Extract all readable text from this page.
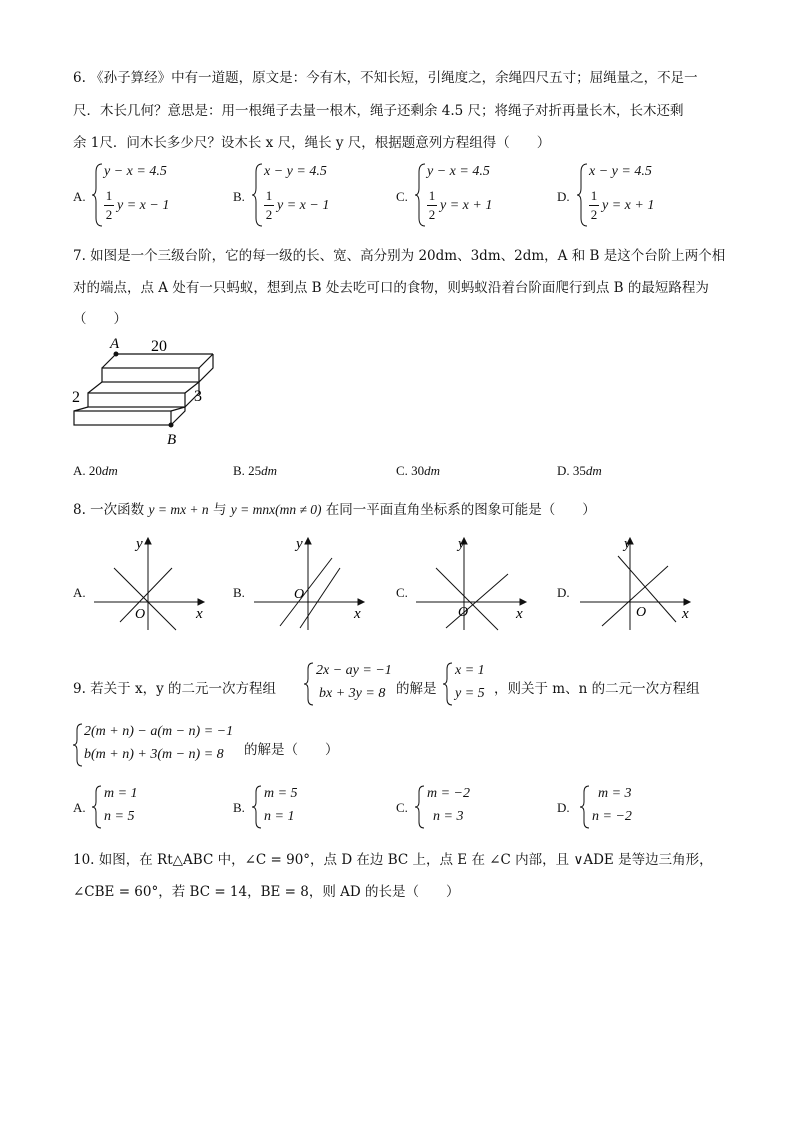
6. 《孙子算经》中有一道题，原文是：今有木，不知长短，引绳度之，余绳四尺五寸；屈绳量之，不足一
尺．木长几何？意思是：用一根绳子去量一根木，绳子还剩余 4.5 尺；将绳子对折再量长木，长木还剩
余 1尺．问木长多少尺？设木长 x 尺，绳长 y 尺，根据题意列方程组得（　　）
A.
y − x = 4.5
1
2
y = x − 1
B.
x − y = 4.5
1
2
y = x − 1
C.
y − x = 4.5
1
2
y = x + 1
D.
x − y = 4.5
1
2
y = x + 1
7. 如图是一个三级台阶，它的每一级的长、宽、高分别为 20dm、3dm、2dm，A 和 B 是这个台阶上两个相
对的端点，点 A 处有一只蚂蚁，想到点 B 处去吃可口的食物，则蚂蚁沿着台阶面爬行到点 B 的最短路程为
（　　）
A 20
2	3
B
A. 20dm	B. 25dm	C. 30dm	D. 35dm
8. 一次函数 y = mx + n 与 y = mnx(mn ≠ 0) 在同一平面直角坐标系的图象可能是（　　）
A.
x
y
O
B.
x
y
O	C.
x
y
O
D.
x
y
O
9. 若关于 x，y 的二元一次方程组
2x − ay = −1
bx + 3y = 8 的解是
x = 1
y = 5 ，则关于 m、n 的二元一次方程组
2(m + n) − a(m − n) = −1
b(m + n) + 3(m − n) = 8 的解是（　　）
A.
m = 1
n = 5
B.
m = 5
n = 1
C.
m = −2
n = 3
D.
m = 3
n = −2
10. 如图，在 Rt△ABC 中，∠C = 90°，点 D 在边 BC 上，点 E 在 ∠C 内部，且 ∨ADE 是等边三角形，
∠CBE = 60°，若 BC = 14，BE = 8，则 AD 的长是（　　）
